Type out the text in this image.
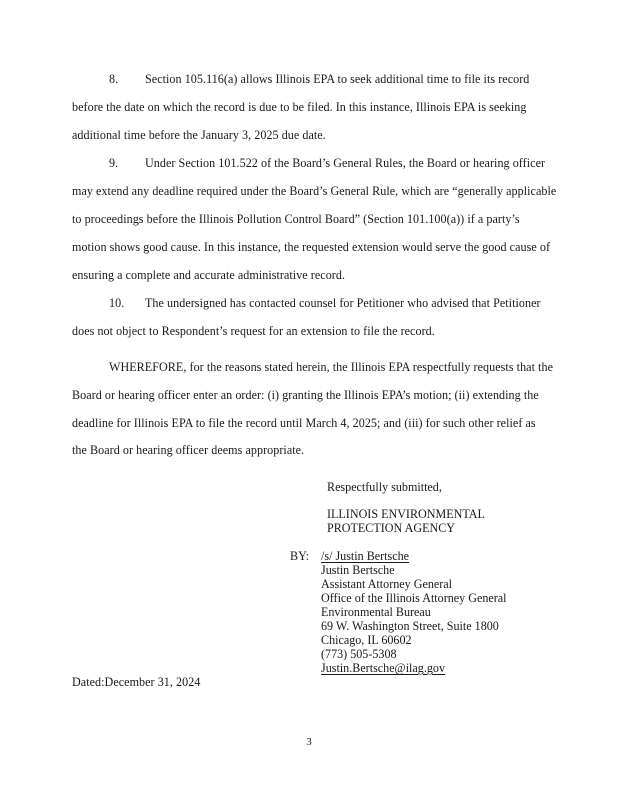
8. Section 105.116(a) allows Illinois EPA to seek additional time to file its record
before the date on which the record is due to be filed. In this instance, Illinois EPA is seeking
additional time before the January 3, 2025 due date.
9. Under Section 101.522 of the Board’s General Rules, the Board or hearing officer
may extend any deadline required under the Board’s General Rule, which are “generally applicable
to proceedings before the Illinois Pollution Control Board” (Section 101.100(a)) if a party’s
motion shows good cause. In this instance, the requested extension would serve the good cause of
ensuring a complete and accurate administrative record.
10. The undersigned has contacted counsel for Petitioner who advised that Petitioner
does not object to Respondent’s request for an extension to file the record.
WHEREFORE, for the reasons stated herein, the Illinois EPA respectfully requests that the
Board or hearing officer enter an order: (i) granting the Illinois EPA’s motion; (ii) extending the
deadline for Illinois EPA to file the record until March 4, 2025; and (iii) for such other relief as
the Board or hearing officer deems appropriate.
Respectfully submitted,
ILLINOIS ENVIRONMENTAL
PROTECTION AGENCY
BY: /s/ Justin Bertsche
Justin Bertsche
Assistant Attorney General
Office of the Illinois Attorney General
Environmental Bureau
69 W. Washington Street, Suite 1800
Chicago, IL 60602
(773) 505-5308
Justin.Bertsche@ilag.gov
Dated:December 31, 2024
3
